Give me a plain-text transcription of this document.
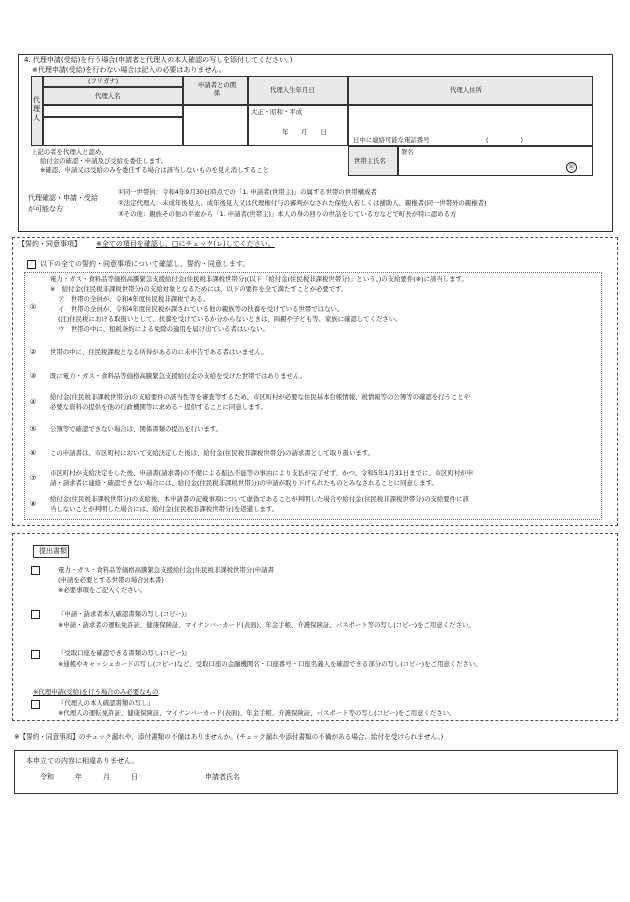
4. 代理申請(受給)を行う場合(申請者と代理人の本人確認の写しを添付してください。)
※代理申請(受給)を行わない場合は記入の必要はありません。
代理人
(フリガナ)
代理人名
申請者との関係	代理人生年月日	代理人住所
大正・昭和・平成
年　　月　　日
日中に連絡可能な電話番号	(　　　　　)
上記の者を代理人と認め、
給付金の確認・申請及び受給を委任します。
※確認、申請又は受給のみを委任する場合は該当しないものを見え消しすること
世帯主氏名
署名
㊞
代理確認・申請・受給が可能な方
①同一世帯員：令和4年9月30日時点での「1. 申請者(世帯主)」の属する世帯の世帯構成者
②法定代理人：未成年後見人、成年後見人又は代理権付与の審判がなされた保佐人若しくは補助人、親権者(同一世帯外の親権者)
③その他：親族その他の平素から「1. 申請者(世帯主)」本人の身の回りの世話をしている方などで町長が特に認める方
【誓約・同意事項】 ※全ての項目を確認し、□にチェック(レ)してください。
以下の全ての誓約・同意事項について確認し、誓約・同意します。
①
電力・ガス・食料品等価格高騰緊急支援給付金(住民税非課税世帯分)(以下「給付金(住民税非課税世帯分)」という。)の支給要件(※)に該当します。
※　給付金(住民税非課税世帯分)の支給対象となるためには、以下の要件を全て満たすことが必要です。
ア　世帯の全員が、令和4年度住民税非課税である。
イ　世帯の全員が、令和4年度住民税が課されている他の親族等の扶養を受けている世帯ではない。
(注)住民税における取扱いとして、扶養を受けているか分からないときは、両親や子ども等、家族に確認してください。
ウ　世帯の中に、租税条約による免除の適用を届け出ている者はいない。
② 世帯の中に、住民税課税となる所得があるのに未申告である者はいません。
③ 既に電力・ガス・食料品等価格高騰緊急支援給付金の支給を受けた世帯ではありません。
④
給付金(住民税非課税世帯分)の支給要件の該当性等を審査等するため、市区町村が必要な住民基本台帳情報、税情報等の公簿等の確認を行うことや
必要な資料の提供を他の行政機関等に求める・提供することに同意します。
⑤ 公簿等で確認できない場合は、関係書類の提出を行います。
⑥ この申請書は、市区町村において支給決定した後は、給付金(住民税非課税世帯分)の請求書として取り扱います。
⑦
市区町村が支給決定をした後、申請書(請求書)の不備による振込不能等の事由により支払が完了せず、かつ、令和5年1月31日までに、市区町村が申
請・請求者に連絡・確認できない場合には、給付金(住民税非課税世帯分)の申請が取り下げられたものとみなされることに同意します。
⑧
給付金(住民税非課税世帯分)の支給後、本申請書の記載事項について虚偽であることが判明した場合や給付金(住民税非課税世帯分)の支給要件に該
当しないことが判明した場合には、給付金(住民税非課税世帯分)を返還します。
提出書類
電力・ガス・食料品等価格高騰緊急支援給付金(住民税非課税世帯分)申請書
(申請を必要とする世帯の場合)(本書)
※必要事項をご記入ください。
『申請・請求者本人確認書類の写し(コピー)』
※申請・請求者の運転免許証、健康保険証、マイナンバーカード(表面)、年金手帳、介護保険証、パスポート等の写し(コピー)をご用意ください。
『受取口座を確認できる書類の写し(コピー)』
※通帳やキャッシュカードの写し(コピー)など、受取口座の金融機関名・口座番号・口座名義人を確認できる部分の写し(コピー)をご用意ください。
※代理申請(受給)を行う場合のみ必要なもの
『代理人の本人確認書類の写し』
※代理人の運転免許証、健康保険証、マイナンバーカード(表面)、年金手帳、介護保険証、パスポート等の写し(コピー)をご用意ください。
※【誓約・同意事項】のチェック漏れや、添付書類の不備はありませんか。(チェック漏れや添付書類の不備がある場合、給付を受けられません。)
本申立ての内容に相違ありません。
令和　　　年　　　月　　　日	申請者氏名
